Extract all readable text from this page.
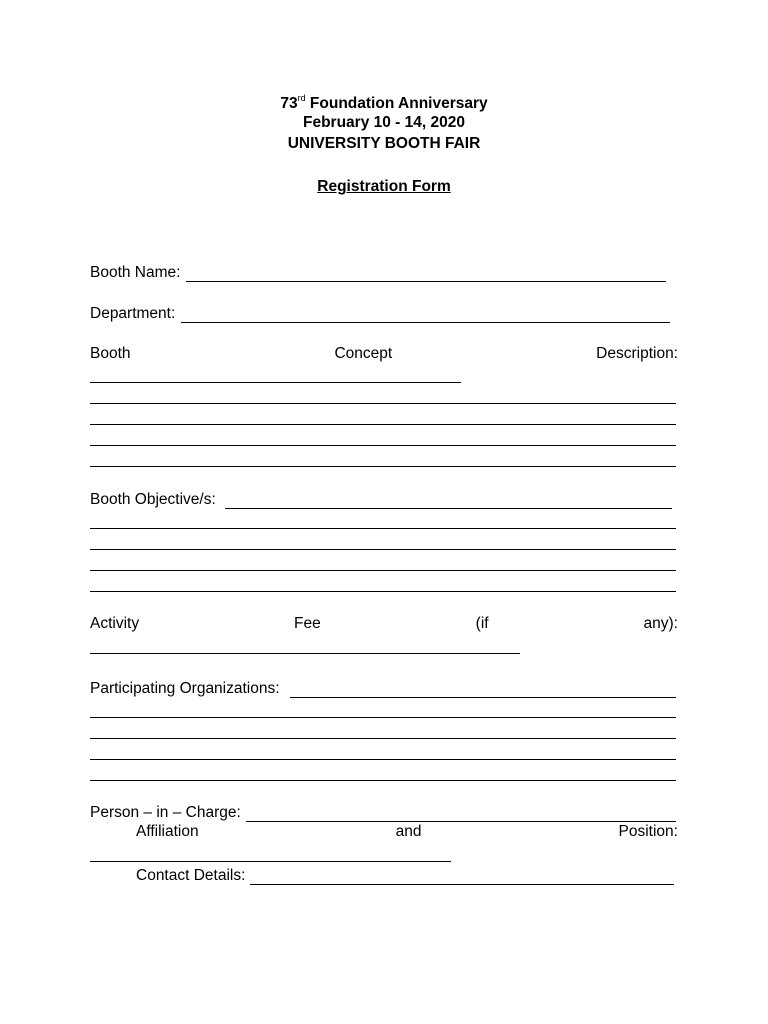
73rd Foundation Anniversary
February 10 - 14, 2020
UNIVERSITY BOOTH FAIR
Registration Form
Booth Name:
Department:
Booth	Concept	Description:
Booth Objective/s:
Activity	Fee	(if	any):
Participating Organizations:
Person – in – Charge:
Affiliation	and	Position:
Contact Details:
